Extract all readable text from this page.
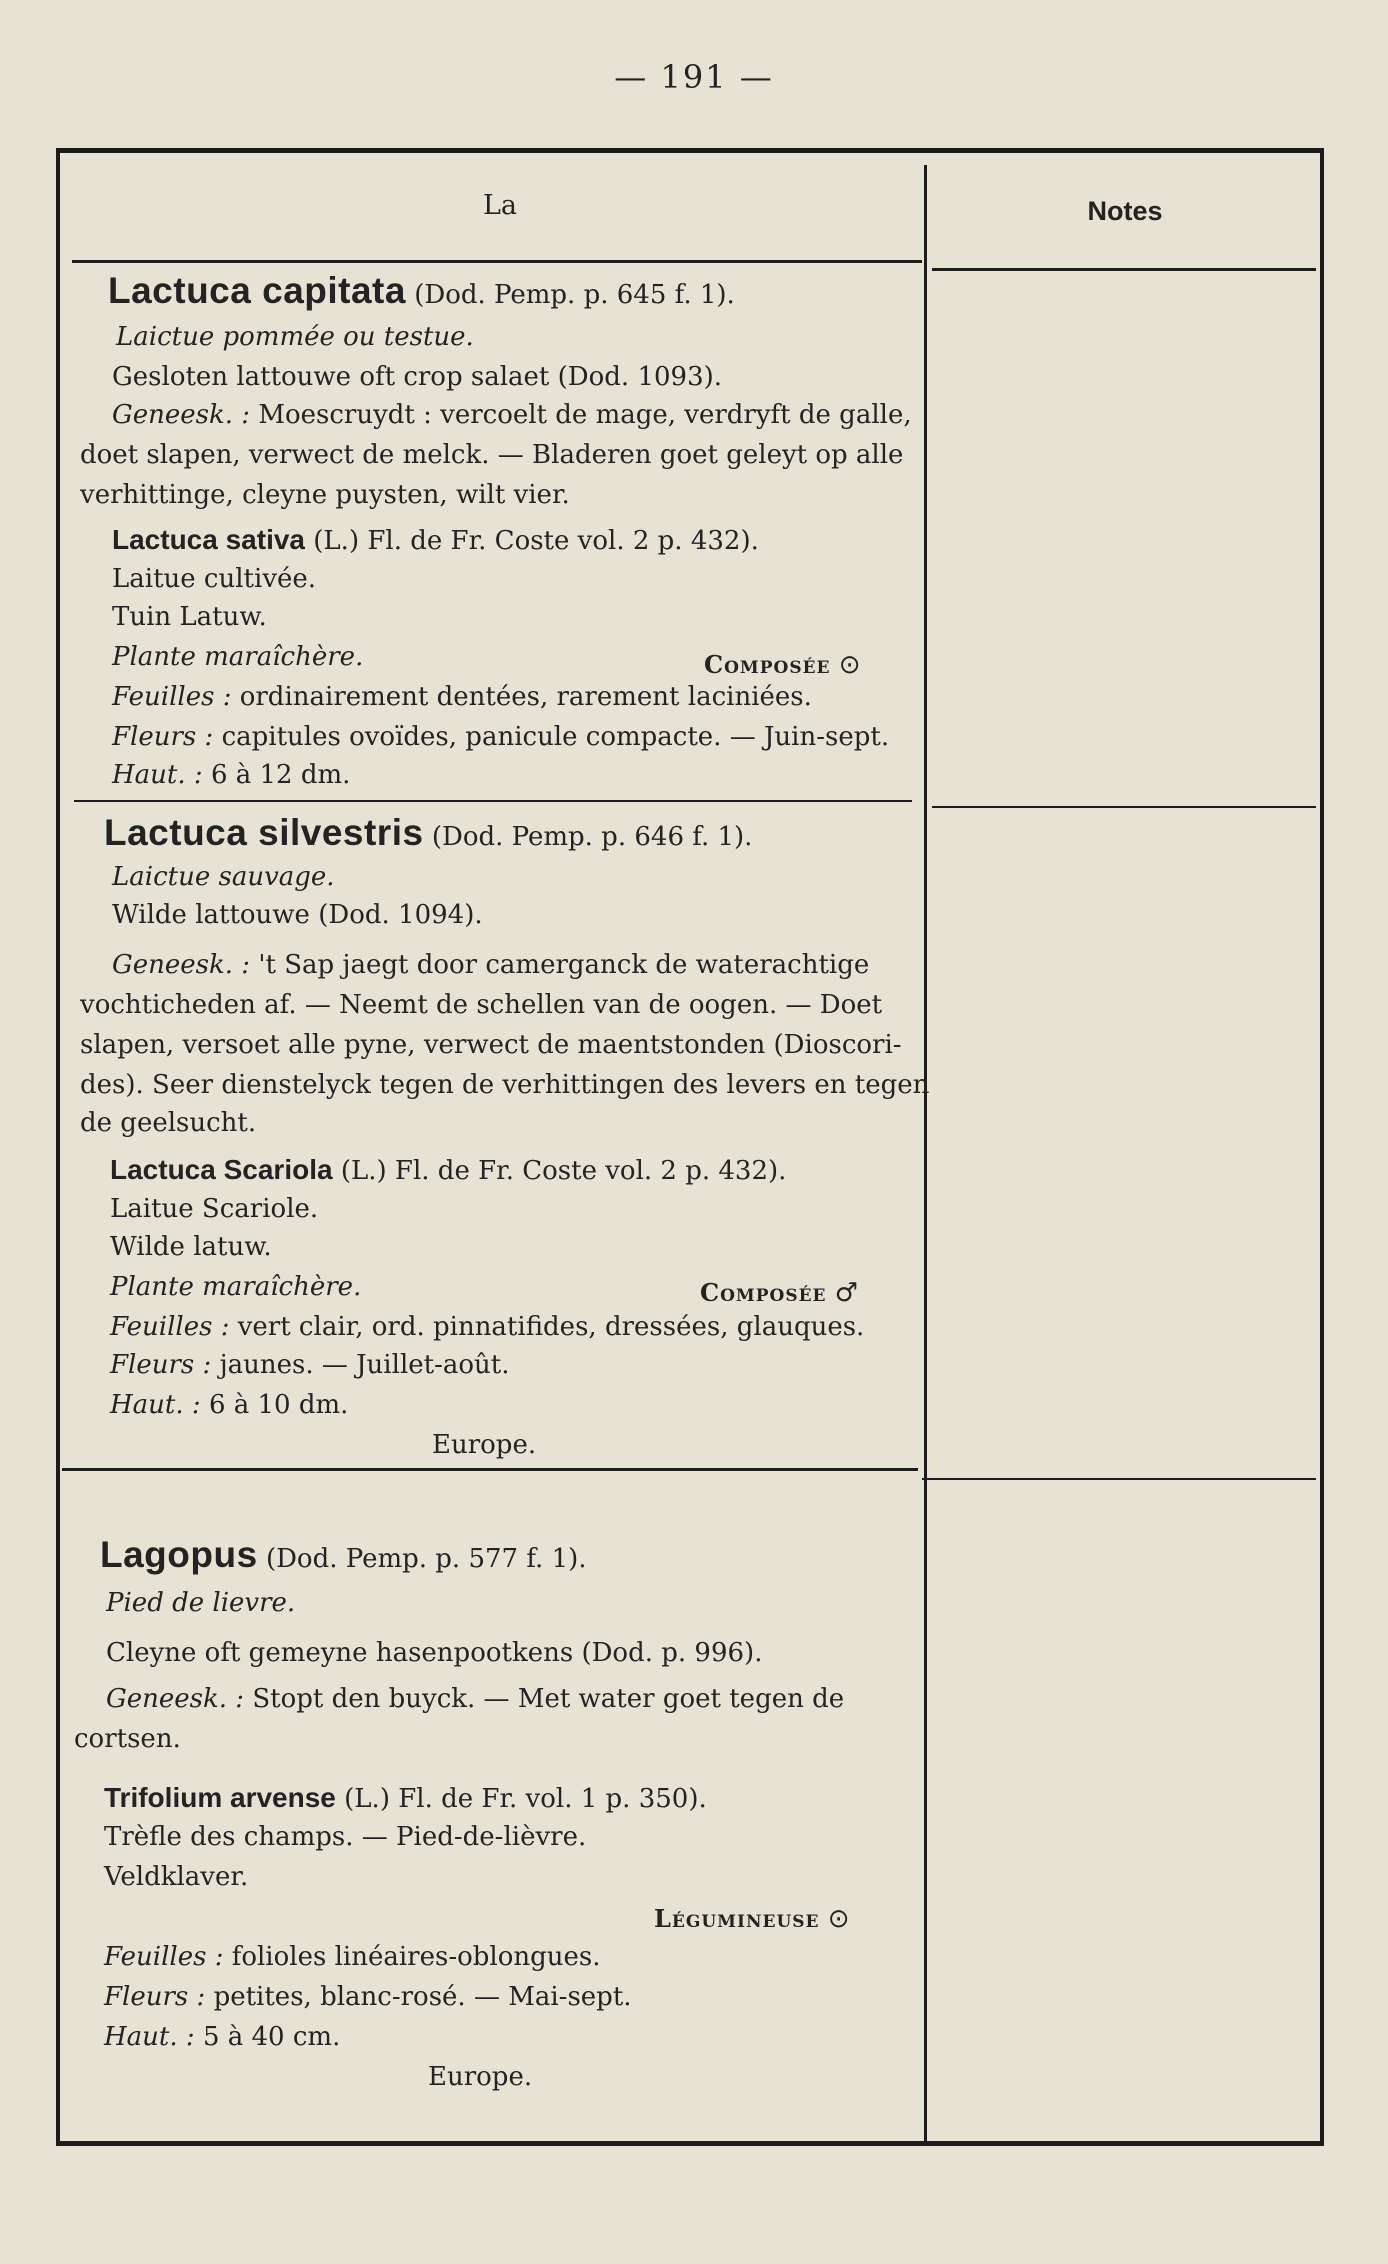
— 191 —
La	Notes
Lactuca capitata (Dod. Pemp. p. 645 f. 1).
Laictue pommée ou testue.
Gesloten lattouwe oft crop salaet (Dod. 1093).
Geneesk. : Moescruydt : vercoelt de mage, verdryft de galle,
doet slapen, verwect de melck. — Bladeren goet geleyt op alle
verhittinge, cleyne puysten, wilt vier.
Lactuca sativa (L.) Fl. de Fr. Coste vol. 2 p. 432).
Laitue cultivée.
Tuin Latuw.
Plante maraîchère.	Composée ⊙
Feuilles : ordinairement dentées, rarement laciniées.
Fleurs : capitules ovoïdes, panicule compacte. — Juin-sept.
Haut. : 6 à 12 dm.
Lactuca silvestris (Dod. Pemp. p. 646 f. 1).
Laictue sauvage.
Wilde lattouwe (Dod. 1094).
Geneesk. : 't Sap jaegt door camerganck de waterachtige
vochticheden af. — Neemt de schellen van de oogen. — Doet
slapen, versoet alle pyne, verwect de maentstonden (Dioscori-
des). Seer dienstelyck tegen de verhittingen des levers en tegen
de geelsucht.
Lactuca Scariola (L.) Fl. de Fr. Coste vol. 2 p. 432).
Laitue Scariole.
Wilde latuw.
Plante maraîchère.	Composée ♂
Feuilles : vert clair, ord. pinnatifides, dressées, glauques.
Fleurs : jaunes. — Juillet-août.
Haut. : 6 à 10 dm.
Europe.
Lagopus (Dod. Pemp. p. 577 f. 1).
Pied de lievre.
Cleyne oft gemeyne hasenpootkens (Dod. p. 996).
Geneesk. : Stopt den buyck. — Met water goet tegen de
cortsen.
Trifolium arvense (L.) Fl. de Fr. vol. 1 p. 350).
Trèfle des champs. — Pied-de-lièvre.
Veldklaver.
Légumineuse ⊙
Feuilles : folioles linéaires-oblongues.
Fleurs : petites, blanc-rosé. — Mai-sept.
Haut. : 5 à 40 cm.
Europe.
